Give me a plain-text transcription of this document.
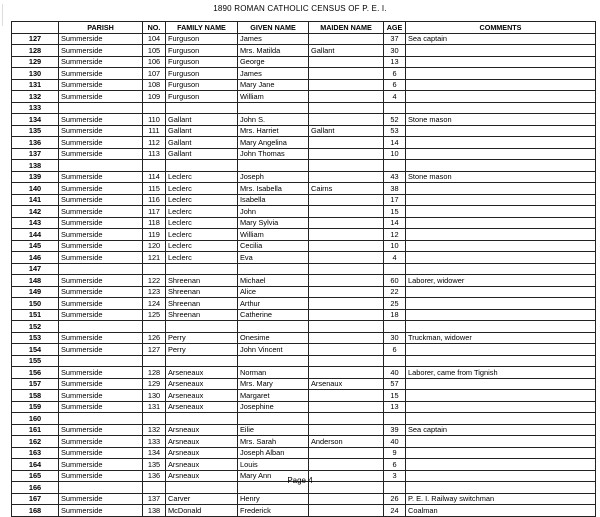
1890 ROMAN CATHOLIC CENSUS OF P. E. I.
	PARISH	NO.	FAMILY NAME	GIVEN NAME	MAIDEN NAME	AGE	COMMENTS
127	Summerside	104	Furguson	James		37	Sea captain
128	Summerside	105	Furguson	Mrs. Matilda	Gallant	30	
129	Summerside	106	Furguson	George		13	
130	Summerside	107	Furguson	James		6	
131	Summerside	108	Furguson	Mary Jane		6	
132	Summerside	109	Furguson	William		4	
133							
134	Summerside	110	Gallant	John S.		52	Stone mason
135	Summerside	111	Gallant	Mrs. Harriet	Gallant	53	
136	Summerside	112	Gallant	Mary Angelina		14	
137	Summerside	113	Gallant	John Thomas		10	
138							
139	Summerside	114	Leclerc	Joseph		43	Stone mason
140	Summerside	115	Leclerc	Mrs. Isabella	Cairns	38	
141	Summerside	116	Leclerc	Isabella		17	
142	Summerside	117	Leclerc	John		15	
143	Summerside	118	Leclerc	Mary Sylvia		14	
144	Summerside	119	Leclerc	William		12	
145	Summerside	120	Leclerc	Cecilia		10	
146	Summerside	121	Leclerc	Eva		4	
147							
148	Summerside	122	Shreenan	Michael		60	Laborer, widower
149	Summerside	123	Shreenan	Alice		22	
150	Summerside	124	Shreenan	Arthur		25	
151	Summerside	125	Shreenan	Catherine		18	
152							
153	Summerside	126	Perry	Onesime		30	Truckman, widower
154	Summerside	127	Perry	John Vincent		6	
155							
156	Summerside	128	Arseneaux	Norman		40	Laborer, came from Tignish
157	Summerside	129	Arseneaux	Mrs. Mary	Arsenaux	57	
158	Summerside	130	Arseneaux	Margaret		15	
159	Summerside	131	Arseneaux	Josephine		13	
160							
161	Summerside	132	Arsneaux	Eilie		39	Sea captain
162	Summerside	133	Arsneaux	Mrs. Sarah	Anderson	40	
163	Summerside	134	Arsneaux	Joseph Alban		9	
164	Summerside	135	Arsneaux	Louis		6	
165	Summerside	136	Arsneaux	Mary Ann		3	
166							
167	Summerside	137	Carver	Henry		26	P. E. I. Railway switchman
168	Summerside	138	McDonald	Frederick		24	Coalman
Page 4
